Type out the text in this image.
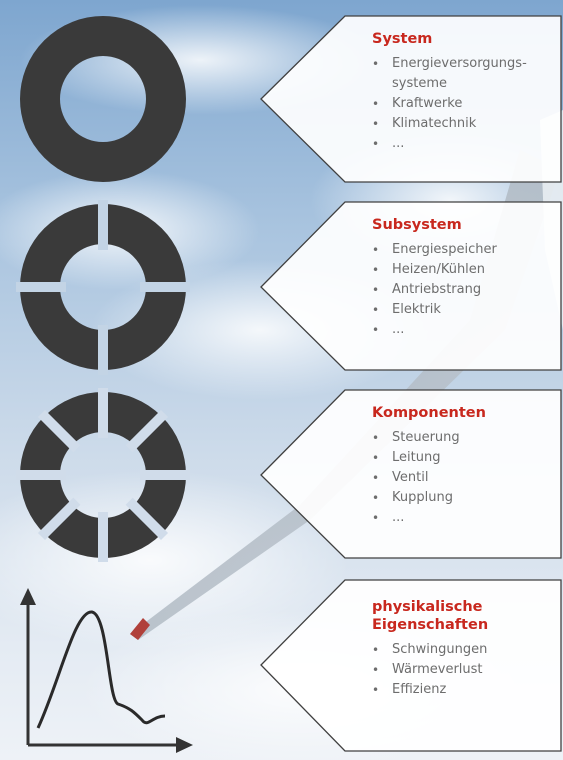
System
• Energieversorgungs-
systeme
• Kraftwerke
• Klimatechnik
• ...
Subsystem
• Energiespeicher
• Heizen/Kühlen
• Antriebstrang
• Elektrik
• ...
Komponenten
• Steuerung
• Leitung
• Ventil
• Kupplung
• ...
physikalische
Eigenschaften
• Schwingungen
• Wärmeverlust
• Effizienz
